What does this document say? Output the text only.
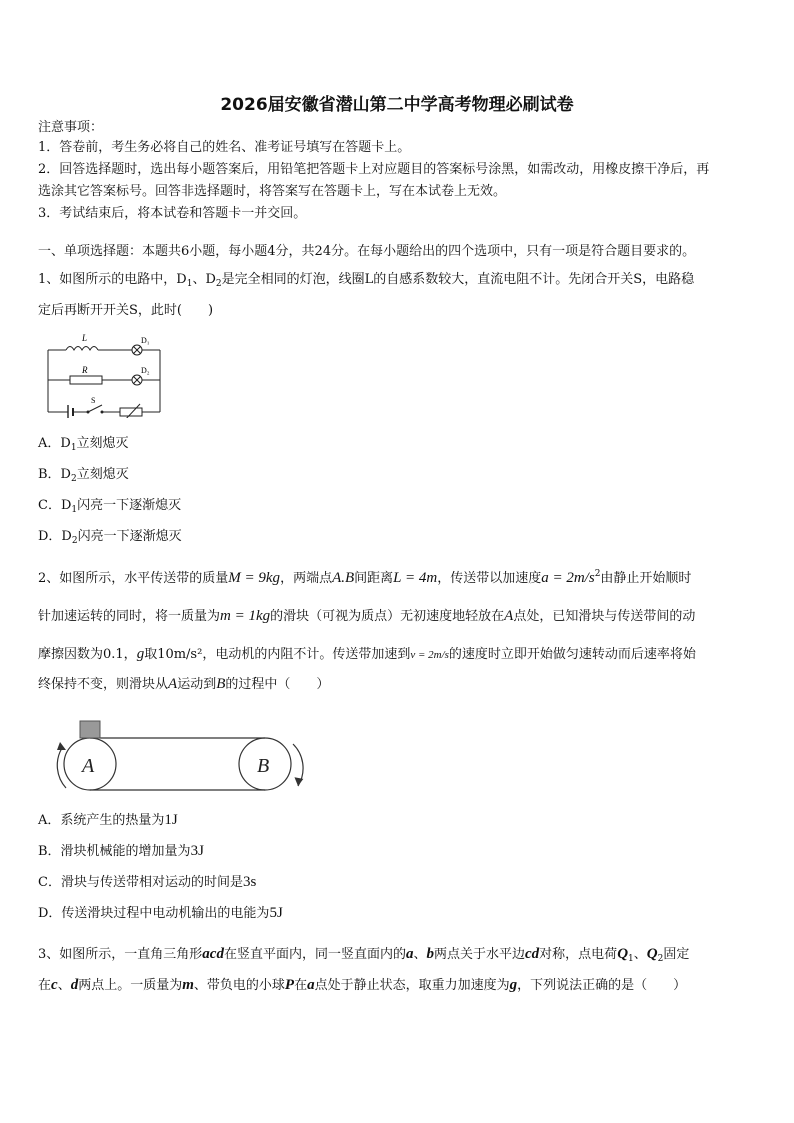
2026届安徽省潜山第二中学高考物理必刷试卷
注意事项：
1．答卷前，考生务必将自己的姓名、准考证号填写在答题卡上。
2．回答选择题时，选出每小题答案后，用铅笔把答题卡上对应题目的答案标号涂黑，如需改动，用橡皮擦干净后，再
选涂其它答案标号。回答非选择题时，将答案写在答题卡上，写在本试卷上无效。
3．考试结束后，将本试卷和答题卡一并交回。
一、单项选择题：本题共6小题，每小题4分，共24分。在每小题给出的四个选项中，只有一项是符合题目要求的。
1、如图所示的电路中，$D_1$、$D_2$是完全相同的灯泡，线圈L的自感系数较大，直流电阻不计。先闭合开关S，电路稳
定后再断开开关S，此时(　　)
L	D₁
R	D₂
S
A．$D_1$立刻熄灭
B．$D_2$立刻熄灭
C．$D_1$闪亮一下逐渐熄灭
D．$D_2$闪亮一下逐渐熄灭
2、如图所示，水平传送带的质量M = 9kg，两端点A.B间距离L = 4m，传送带以加速度$a = 2m/s^2$由静止开始顺时
针加速运转的同时，将一质量为m = 1kg的滑块（可视为质点）无初速度地轻放在A点处，已知滑块与传送带间的动
摩擦因数为0.1，g取10m/s²，电动机的内阻不计。传送带加速到v = 2m/s的速度时立即开始做匀速转动而后速率将始
终保持不变，则滑块从A运动到B的过程中（　　）
A	B
A．系统产生的热量为1J
B．滑块机械能的增加量为3J
C．滑块与传送带相对运动的时间是3s
D．传送滑块过程中电动机输出的电能为5J
3、如图所示，一直角三角形acd在竖直平面内，同一竖直面内的a、b两点关于水平边cd对称，点电荷$Q_1$、$Q_2$固定
在c、d两点上。一质量为m、带负电的小球P在a点处于静止状态，取重力加速度为g，下列说法正确的是（　　）
